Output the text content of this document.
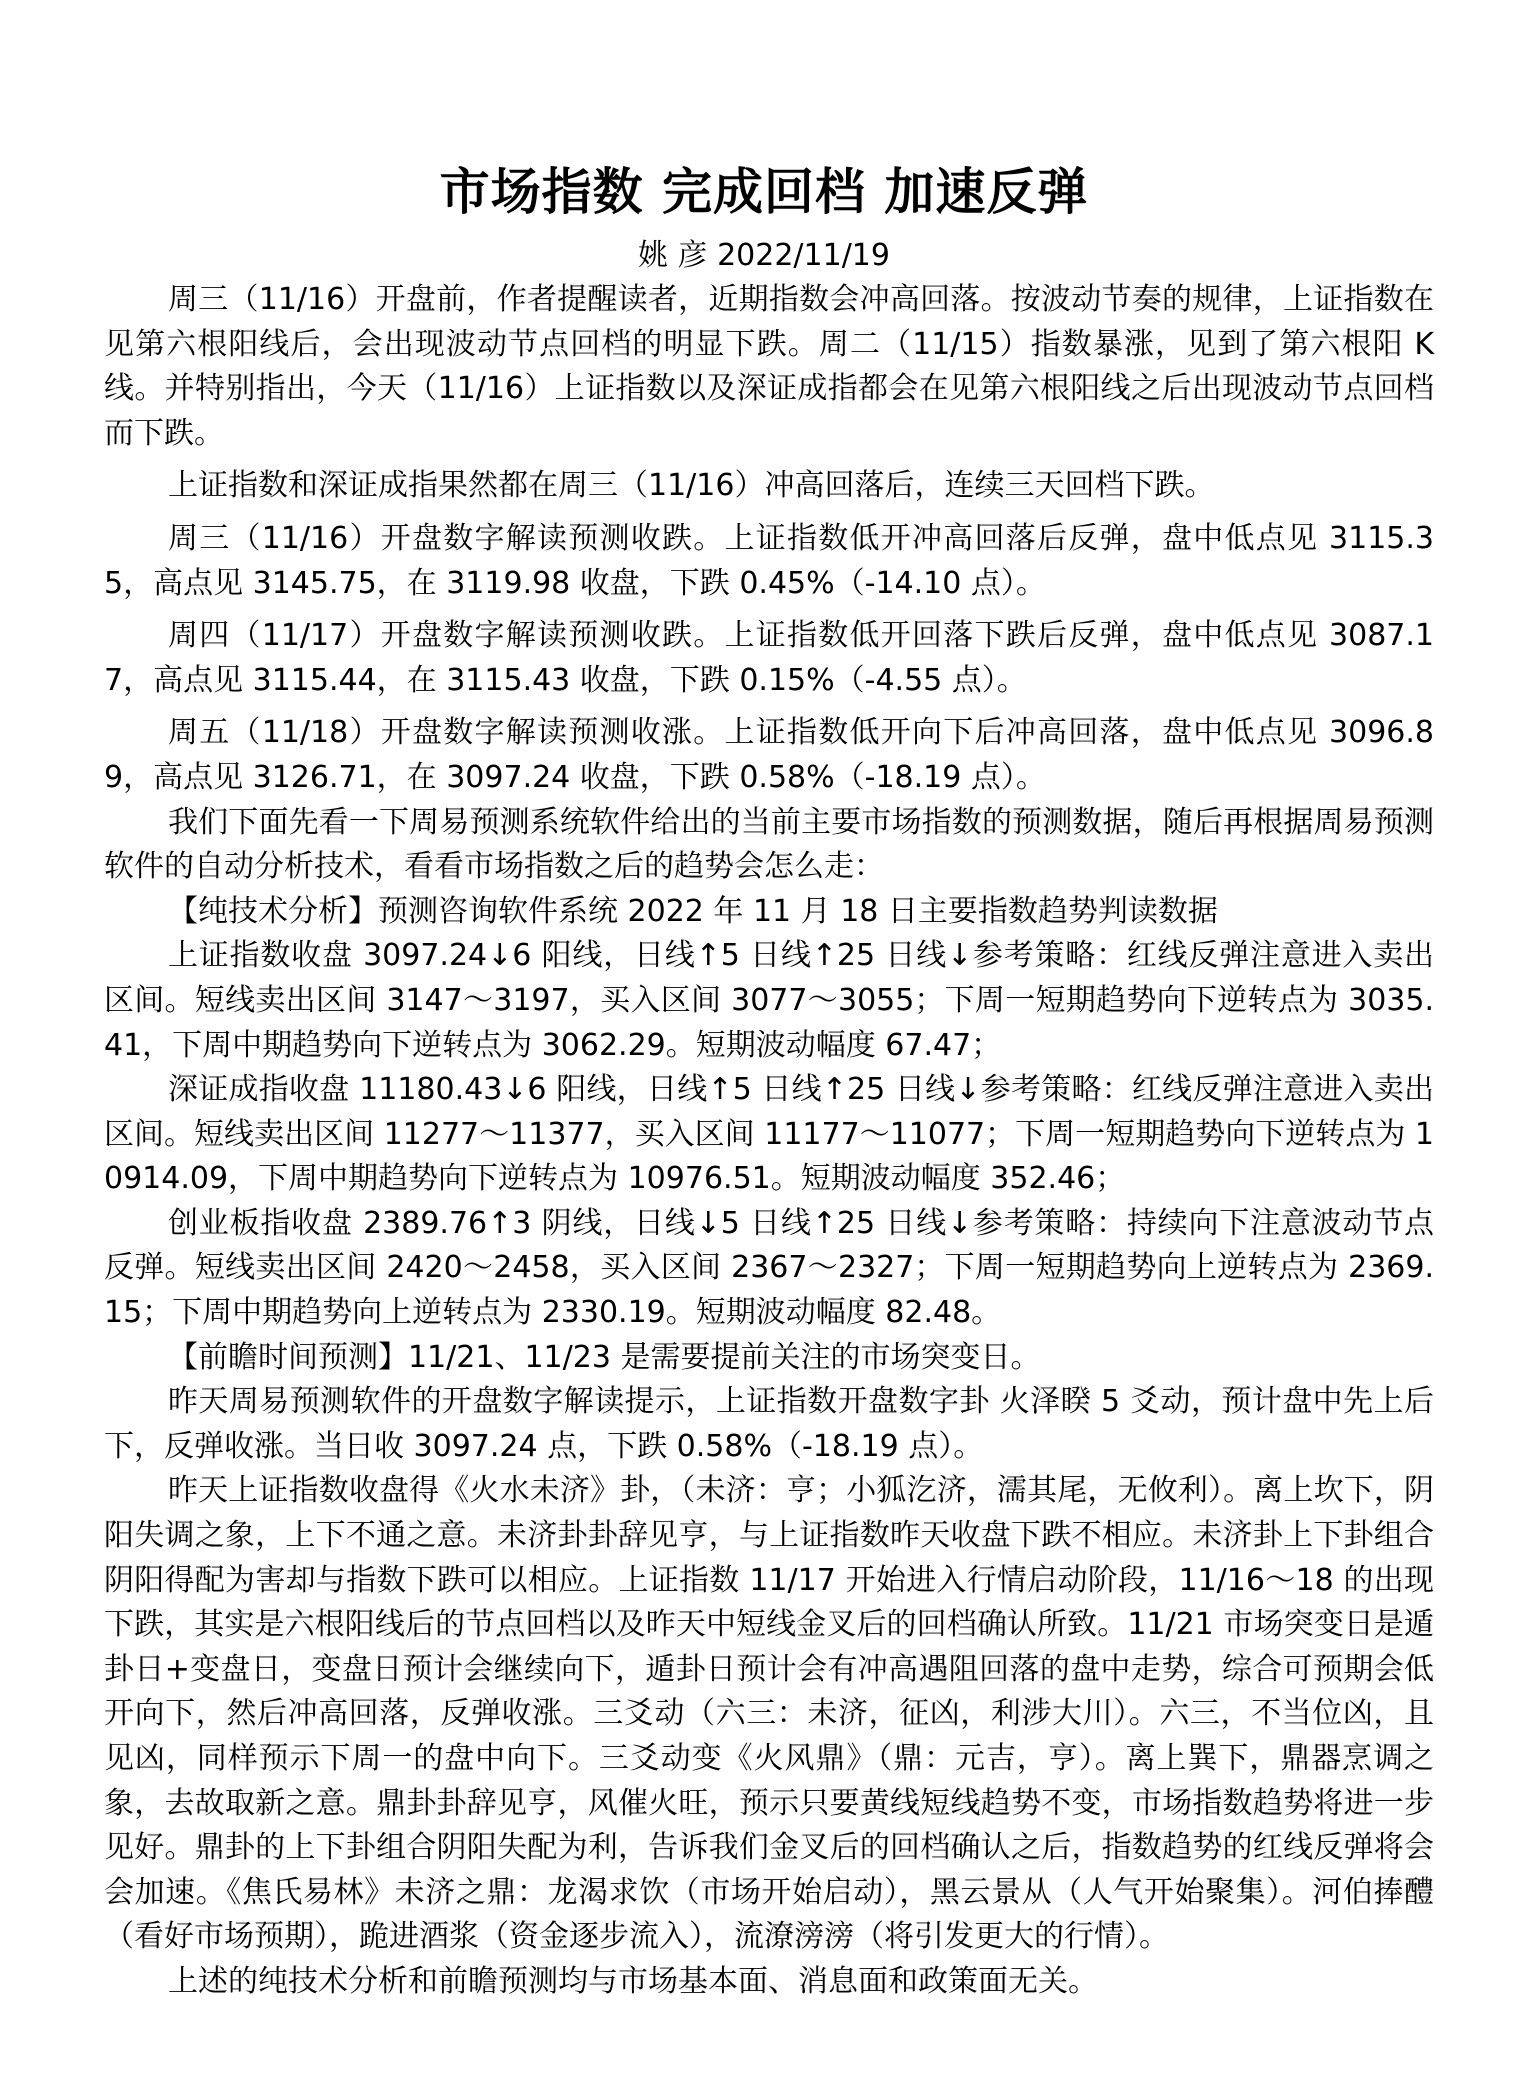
市场指数 完成回档 加速反弹
姚 彦 2022/11/19

周三（11/16）开盘前，作者提醒读者，近期指数会冲高回落。按波动节奏的规律，上证指数在见第六根阳线后，会出现波动节点回档的明显下跌。周二（11/15）指数暴涨，见到了第六根阳 K 线。并特别指出，今天（11/16）上证指数以及深证成指都会在见第六根阳线之后出现波动节点回档而下跌。

上证指数和深证成指果然都在周三（11/16）冲高回落后，连续三天回档下跌。

周三（11/16）开盘数字解读预测收跌。上证指数低开冲高回落后反弹，盘中低点见 3115.35，高点见 3145.75，在 3119.98 收盘，下跌 0.45%（-14.10 点）。

周四（11/17）开盘数字解读预测收跌。上证指数低开回落下跌后反弹，盘中低点见 3087.17，高点见 3115.44，在 3115.43 收盘，下跌 0.15%（-4.55 点）。

周五（11/18）开盘数字解读预测收涨。上证指数低开向下后冲高回落，盘中低点见 3096.89，高点见 3126.71，在 3097.24 收盘，下跌 0.58%（-18.19 点）。

我们下面先看一下周易预测系统软件给出的当前主要市场指数的预测数据，随后再根据周易预测软件的自动分析技术，看看市场指数之后的趋势会怎么走：

【纯技术分析】预测咨询软件系统 2022 年 11 月 18 日主要指数趋势判读数据

上证指数收盘 3097.24↓6 阳线，日线↑5 日线↑25 日线↓参考策略：红线反弹注意进入卖出区间。短线卖出区间 3147～3197，买入区间 3077～3055；下周一短期趋势向下逆转点为 3035.41，下周中期趋势向下逆转点为 3062.29。短期波动幅度 67.47；

深证成指收盘 11180.43↓6 阳线，日线↑5 日线↑25 日线↓参考策略：红线反弹注意进入卖出区间。短线卖出区间 11277～11377，买入区间 11177～11077；下周一短期趋势向下逆转点为 10914.09，下周中期趋势向下逆转点为 10976.51。短期波动幅度 352.46；

创业板指收盘 2389.76↑3 阴线，日线↓5 日线↑25 日线↓参考策略：持续向下注意波动节点反弹。短线卖出区间 2420～2458，买入区间 2367～2327；下周一短期趋势向上逆转点为 2369.15；下周中期趋势向上逆转点为 2330.19。短期波动幅度 82.48。

【前瞻时间预测】11/21、11/23 是需要提前关注的市场突变日。

昨天周易预测软件的开盘数字解读提示，上证指数开盘数字卦 火泽睽 5 爻动，预计盘中先上后下，反弹收涨。当日收 3097.24 点，下跌 0.58%（-18.19 点）。

昨天上证指数收盘得《火水未济》卦，（未济：亨；小狐汔济，濡其尾，无攸利）。离上坎下，阴阳失调之象，上下不通之意。未济卦卦辞见亨，与上证指数昨天收盘下跌不相应。未济卦上下卦组合阴阳得配为害却与指数下跌可以相应。上证指数 11/17 开始进入行情启动阶段，11/16～18 的出现下跌，其实是六根阳线后的节点回档以及昨天中短线金叉后的回档确认所致。11/21 市场突变日是遁卦日+变盘日，变盘日预计会继续向下，遁卦日预计会有冲高遇阻回落的盘中走势，综合可预期会低开向下，然后冲高回落，反弹收涨。三爻动（六三：未济，征凶，利涉大川）。六三，不当位凶，且见凶，同样预示下周一的盘中向下。三爻动变《火风鼎》（鼎：元吉，亨）。离上巽下，鼎器烹调之象，去故取新之意。鼎卦卦辞见亨，风催火旺，预示只要黄线短线趋势不变，市场指数趋势将进一步见好。鼎卦的上下卦组合阴阳失配为利，告诉我们金叉后的回档确认之后，指数趋势的红线反弹将会会加速。《焦氏易林》未济之鼎：龙渴求饮（市场开始启动），黑云景从（人气开始聚集）。河伯捧醴（看好市场预期），跪进酒浆（资金逐步流入），流潦滂滂（将引发更大的行情）。

上述的纯技术分析和前瞻预测均与市场基本面、消息面和政策面无关。
